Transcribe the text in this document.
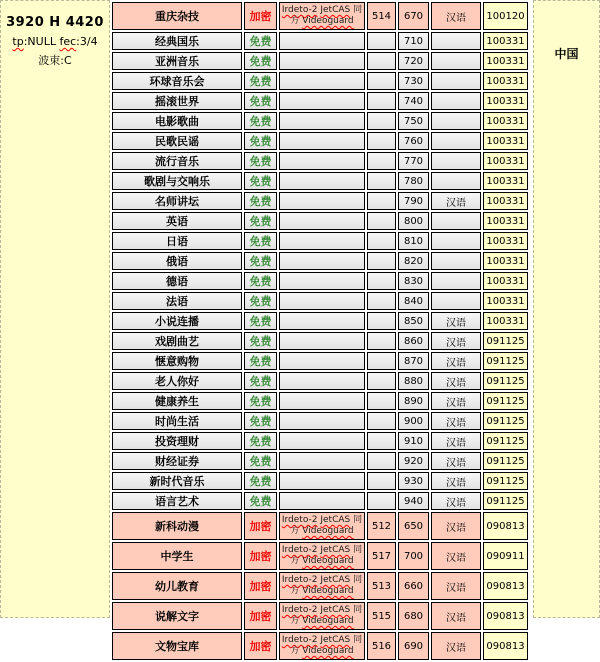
3920 H 4420
tp:NULL fec:3/4
波束:C
重庆杂技	加密	Irdeto-2 JetCAS 同方 Videoguard	514	670	汉语	100120
经典国乐	免费			710		100331
亚洲音乐	免费			720		100331
环球音乐会	免费			730		100331
摇滚世界	免费			740		100331
电影歌曲	免费			750		100331
民歌民谣	免费			760		100331
流行音乐	免费			770		100331
歌剧与交响乐	免费			780		100331
名师讲坛	免费			790	汉语	100331
英语	免费			800		100331
日语	免费			810		100331
俄语	免费			820		100331
德语	免费			830		100331
法语	免费			840		100331
小说连播	免费			850	汉语	100331
戏剧曲艺	免费			860	汉语	091125
惬意购物	免费			870	汉语	091125
老人你好	免费			880	汉语	091125
健康养生	免费			890	汉语	091125
时尚生活	免费			900	汉语	091125
投资理财	免费			910	汉语	091125
财经证券	免费			920	汉语	091125
新时代音乐	免费			930	汉语	091125
语言艺术	免费			940	汉语	091125
新科动漫	加密	Irdeto-2 JetCAS 同方 Videoguard	512	650	汉语	090813
中学生	加密	Irdeto-2 JetCAS 同方 Videoguard	517	700	汉语	090911
幼儿教育	加密	Irdeto-2 JetCAS 同方 Videoguard	513	660	汉语	090813
说解文字	加密	Irdeto-2 JetCAS 同方 Videoguard	515	680	汉语	090813
文物宝库	加密	Irdeto-2 JetCAS 同方 Videoguard	516	690	汉语	090813
中国
